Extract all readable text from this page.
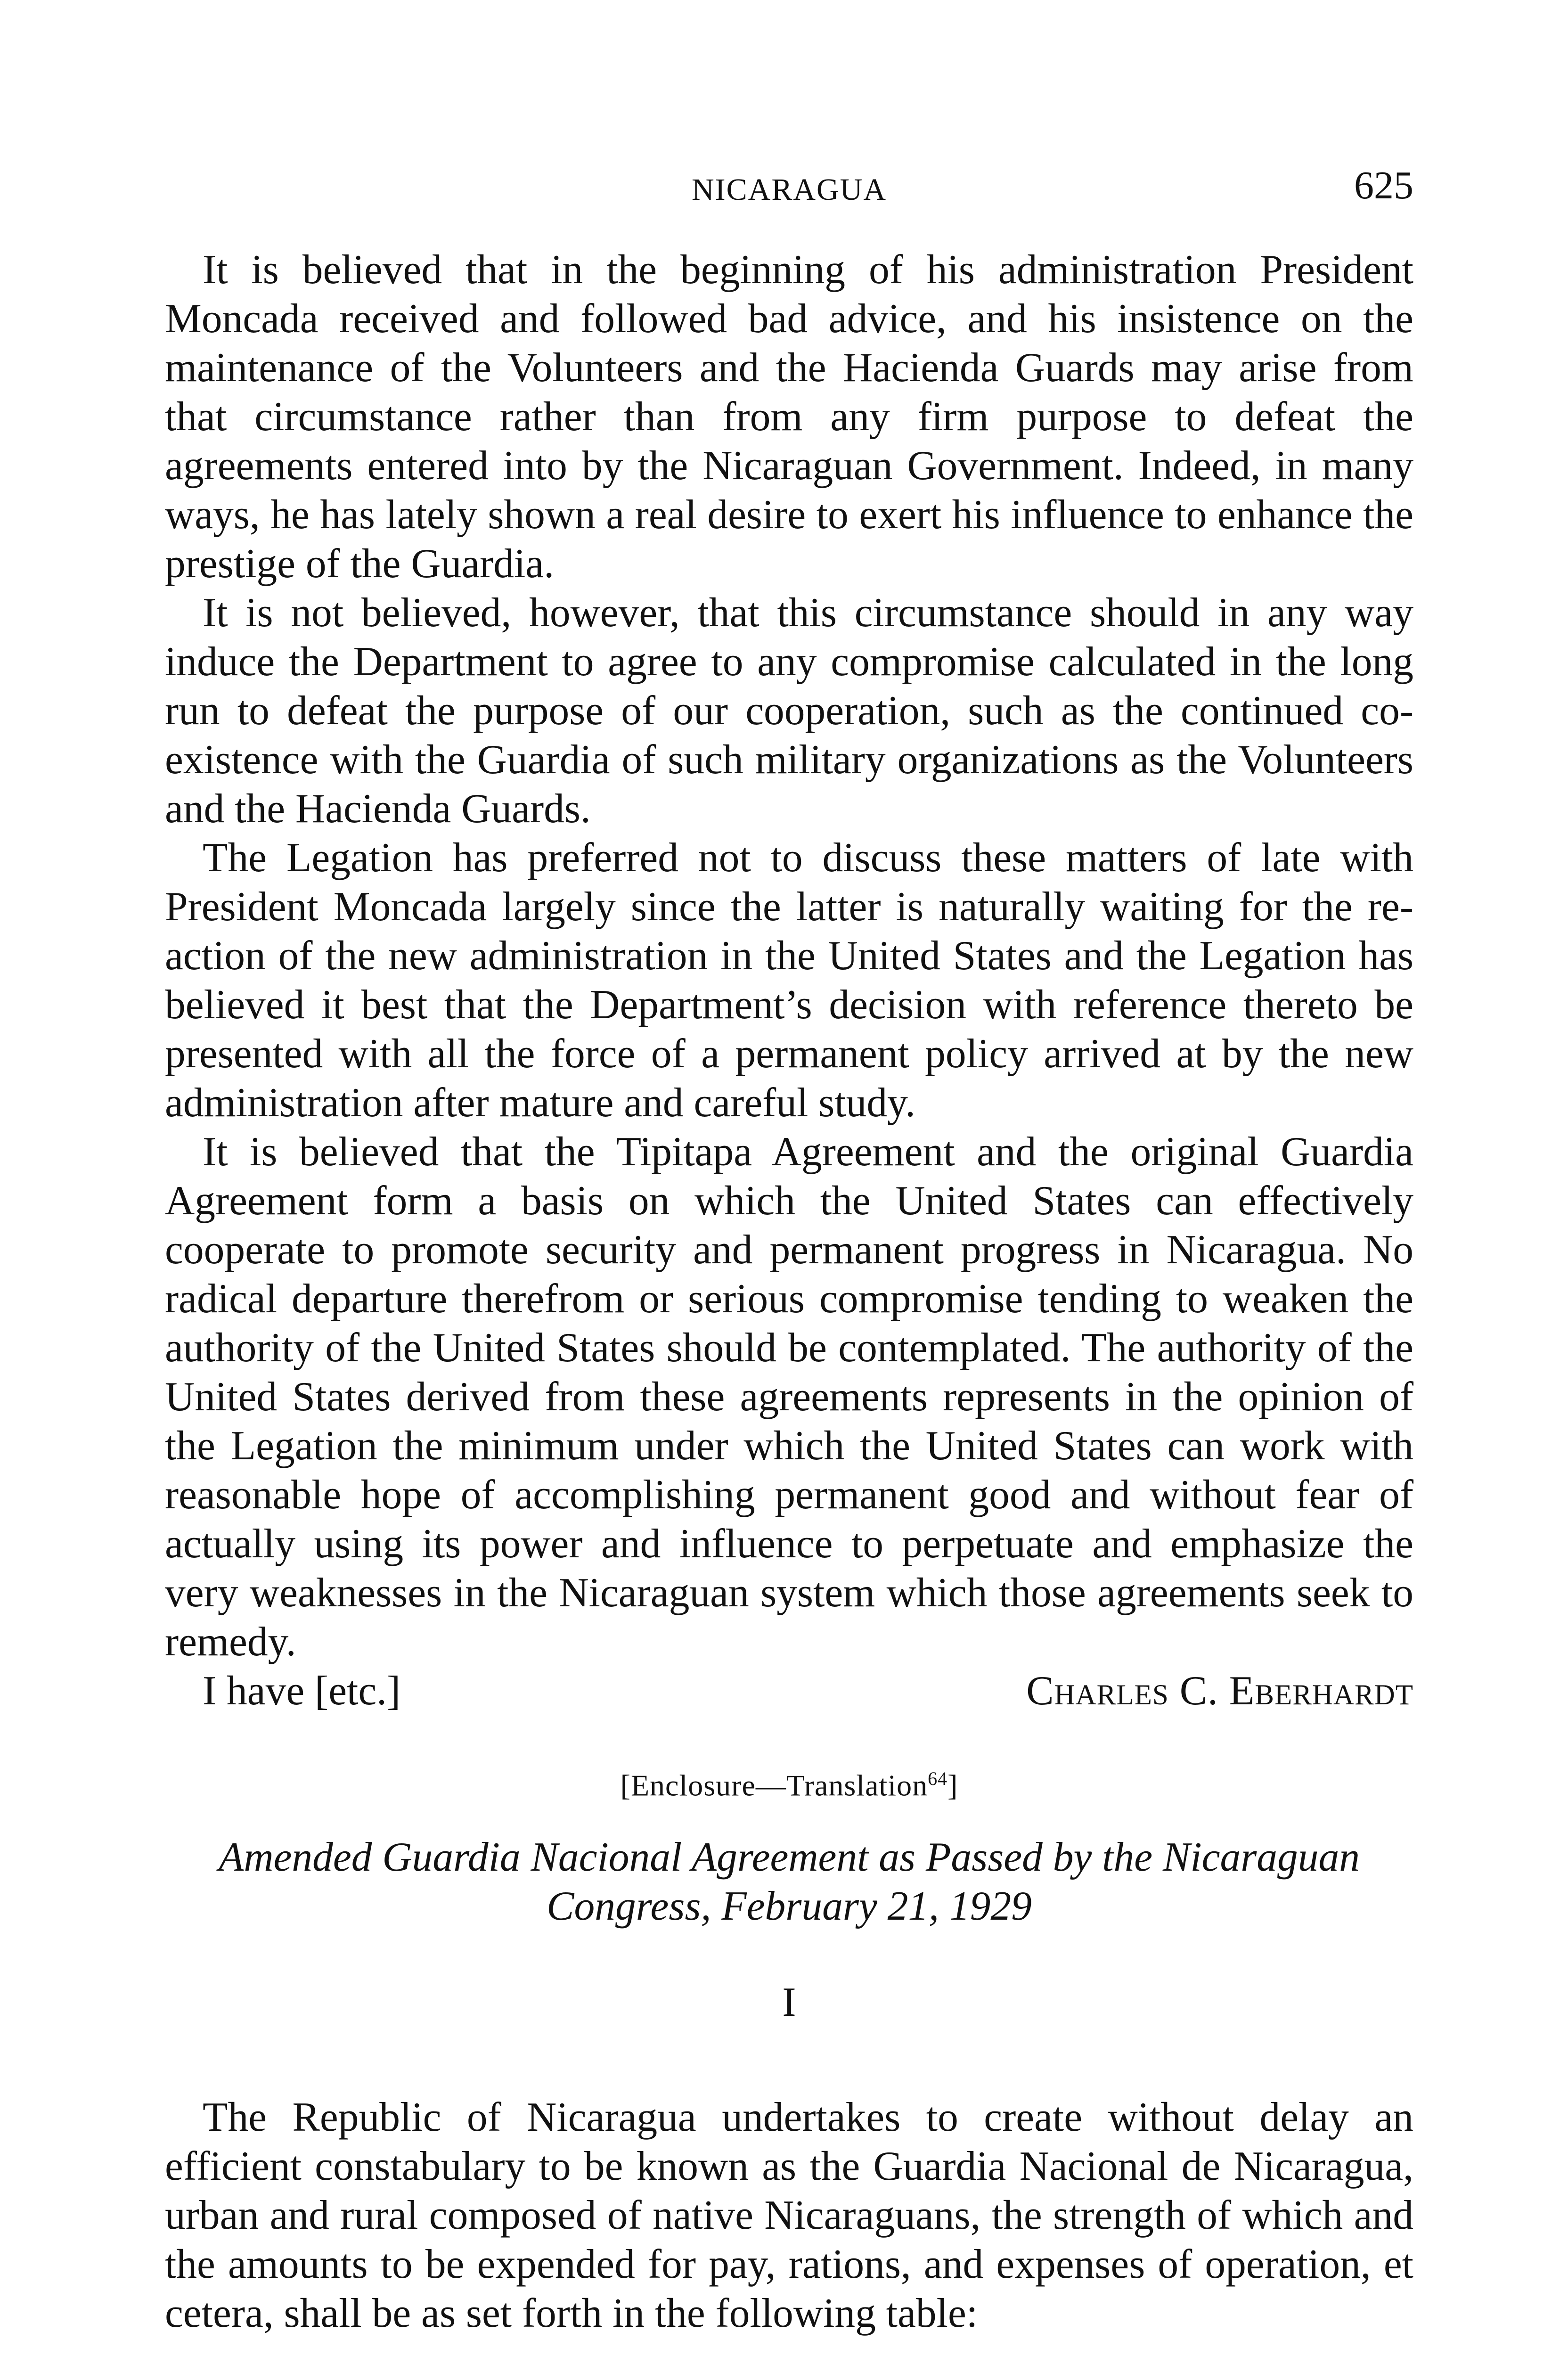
NICARAGUA	625

It is believed that in the beginning of his administration President Moncada received and followed bad advice, and his insistence on the maintenance of the Volunteers and the Hacienda Guards may arise from that circumstance rather than from any firm purpose to defeat the agreements entered into by the Nicaraguan Government. Indeed, in many ways, he has lately shown a real desire to exert his influence to enhance the prestige of the Guardia.

It is not believed, however, that this circumstance should in any way induce the Department to agree to any compromise calculated in the long run to defeat the purpose of our cooperation, such as the continued co-existence with the Guardia of such military organizations as the Volunteers and the Hacienda Guards.

The Legation has preferred not to discuss these matters of late with President Moncada largely since the latter is naturally waiting for the re-action of the new administration in the United States and the Legation has believed it best that the Department’s decision with reference thereto be presented with all the force of a permanent policy arrived at by the new administration after mature and careful study.

It is believed that the Tipitapa Agreement and the original Guardia Agreement form a basis on which the United States can effectively cooperate to promote security and permanent progress in Nicaragua. No radical departure therefrom or serious compromise tending to weaken the authority of the United States should be contemplated. The authority of the United States derived from these agreements represents in the opinion of the Legation the minimum under which the United States can work with reasonable hope of accomplishing permanent good and without fear of actually using its power and influence to perpetuate and emphasize the very weaknesses in the Nicaraguan system which those agreements seek to remedy.

I have [etc.]	Charles C. Eberhardt
[Enclosure—Translation$^{64}$]
Amended Guardia Nacional Agreement as Passed by the Nicaraguan
Congress, February 21, 1929
I

The Republic of Nicaragua undertakes to create without delay an efficient constabulary to be known as the Guardia Nacional de Nicaragua, urban and rural composed of native Nicaraguans, the strength of which and the amounts to be expended for pay, rations, and expenses of operation, et cetera, shall be as set forth in the following table:
